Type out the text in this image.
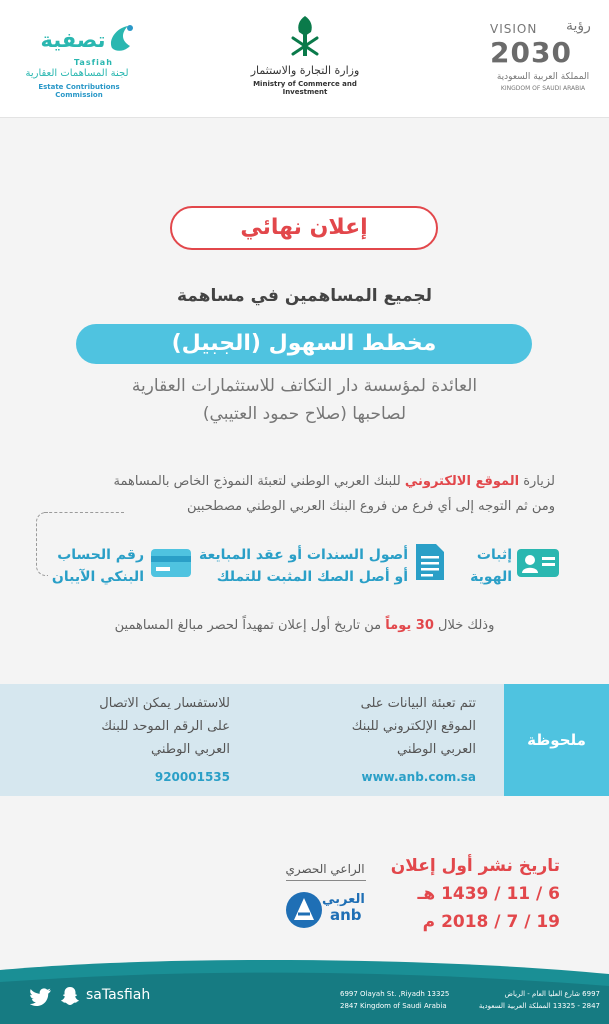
تصفية
Tasfiah
لجنة المساهمات العقارية
Estate Contributions Commission
وزارة التجارة والاستثمار
Ministry of Commerce and Investment
VISION رؤية
2030
المملكة العربية السعودية
KINGDOM OF SAUDI ARABIA
إعلان نهائي
لجميع المساهمين في مساهمة
مخطط السهول (الجبيل)
العائدة لمؤسسة دار التكاتف للاستثمارات العقارية
لصاحبها (صلاح حمود العتيبي)
لزيارة الموقع الالكتروني للبنك العربي الوطني لتعبئة النموذج الخاص بالمساهمة
ومن ثم التوجه إلى أي فرع من فروع البنك العربي الوطني مصطحبين
إثبات
الهوية
أصول السندات أو عقد المبايعة
أو أصل الصك المثبت للتملك
رقم الحساب
البنكي الآيبان
وذلك خلال 30 يوماً من تاريخ أول إعلان تمهيداً لحصر مبالغ المساهمين
ملحوظة
تتم تعبئة البيانات على
الموقع الإلكتروني للبنك
العربي الوطني
www.anb.com.sa
للاستفسار يمكن الاتصال
على الرقم الموحد للبنك
العربي الوطني
920001535
تاريخ نشر أول إعلان
6 / 11 / 1439 هـ
19 / 7 / 2018 م
الراعي الحصري
العربي
anb
6997 Olayah St. ,Riyadh 13325
2847 Kingdom of Saudi Arabia
6997 شارع العليا العام - الرياض
2847 - 13325 المملكة العربية السعودية
saTasfiah
